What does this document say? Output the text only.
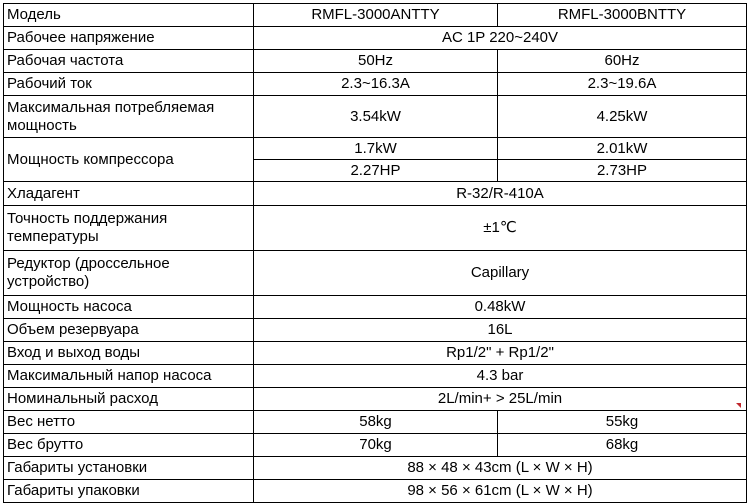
Модель	RMFL-3000ANTTY	RMFL-3000BNTTY
Рабочее напряжение	AC 1P 220~240V	
Рабочая частота	50Hz	60Hz
Рабочий ток	2.3~16.3A	2.3~19.6A
Максимальная потребляемая мощность	3.54kW	4.25kW
Мощность компрессора	1.7kW	2.01kW
	2.27HP	2.73HP
Хладагент	R-32/R-410A	
Точность поддержания температуры	±1℃	
Редуктор (дроссельное устройство)	Capillary	
Мощность насоса	0.48kW	
Объем резервуара	16L	
Вход и выход воды	Rp1/2" + Rp1/2"	
Максимальный напор насоса	4.3 bar	
Номинальный расход	2L/min+ > 25L/min	
Вес нетто	58kg	55kg
Вес брутто	70kg	68kg
Габариты установки	88 × 48 × 43cm (L × W × H)	
Габариты упаковки	98 × 56 × 61cm (L × W × H)	
